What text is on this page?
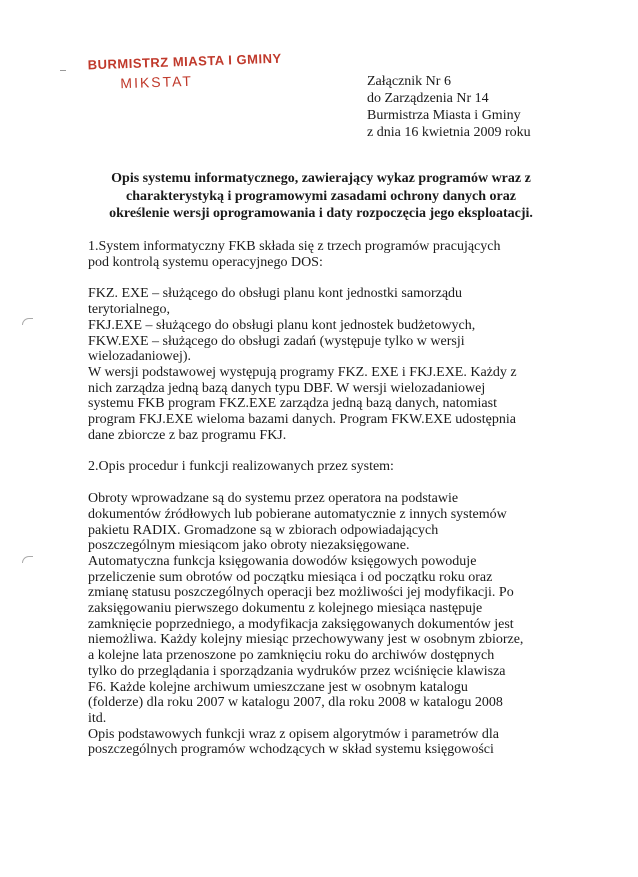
BURMISTRZ MIASTA I GMINY
MIKSTAT	Załącznik Nr 6
do Zarządzenia Nr 14
Burmistrza Miasta i Gminy
z dnia 16 kwietnia 2009 roku
Opis systemu informatycznego, zawierający wykaz programów wraz z
charakterystyką i programowymi zasadami ochrony danych oraz
określenie wersji oprogramowania i daty rozpoczęcia jego eksploatacji.
1.System informatyczny FKB składa się z trzech programów pracujących
pod kontrolą systemu operacyjnego DOS:
FKZ. EXE – służącego do obsługi planu kont jednostki samorządu
terytorialnego,
FKJ.EXE – służącego do obsługi planu kont jednostek budżetowych,
FKW.EXE – służącego do obsługi zadań (występuje tylko w wersji
wielozadaniowej).
W wersji podstawowej występują programy FKZ. EXE i FKJ.EXE. Każdy z
nich zarządza jedną bazą danych typu DBF. W wersji wielozadaniowej
systemu FKB program FKZ.EXE zarządza jedną bazą danych, natomiast
program FKJ.EXE wieloma bazami danych. Program FKW.EXE udostępnia
dane zbiorcze z baz programu FKJ.
2.Opis procedur i funkcji realizowanych przez system:
Obroty wprowadzane są do systemu przez operatora na podstawie
dokumentów źródłowych lub pobierane automatycznie z innych systemów
pakietu RADIX. Gromadzone są w zbiorach odpowiadających
poszczególnym miesiącom jako obroty niezaksięgowane.
Automatyczna funkcja księgowania dowodów księgowych powoduje
przeliczenie sum obrotów od początku miesiąca i od początku roku oraz
zmianę statusu poszczególnych operacji bez możliwości jej modyfikacji. Po
zaksięgowaniu pierwszego dokumentu z kolejnego miesiąca następuje
zamknięcie poprzedniego, a modyfikacja zaksięgowanych dokumentów jest
niemożliwa. Każdy kolejny miesiąc przechowywany jest w osobnym zbiorze,
a kolejne lata przenoszone po zamknięciu roku do archiwów dostępnych
tylko do przeglądania i sporządzania wydruków przez wciśnięcie klawisza
F6. Każde kolejne archiwum umieszczane jest w osobnym katalogu
(folderze) dla roku 2007 w katalogu 2007, dla roku 2008 w katalogu 2008
itd.
Opis podstawowych funkcji wraz z opisem algorytmów i parametrów dla
poszczególnych programów wchodzących w skład systemu księgowości
